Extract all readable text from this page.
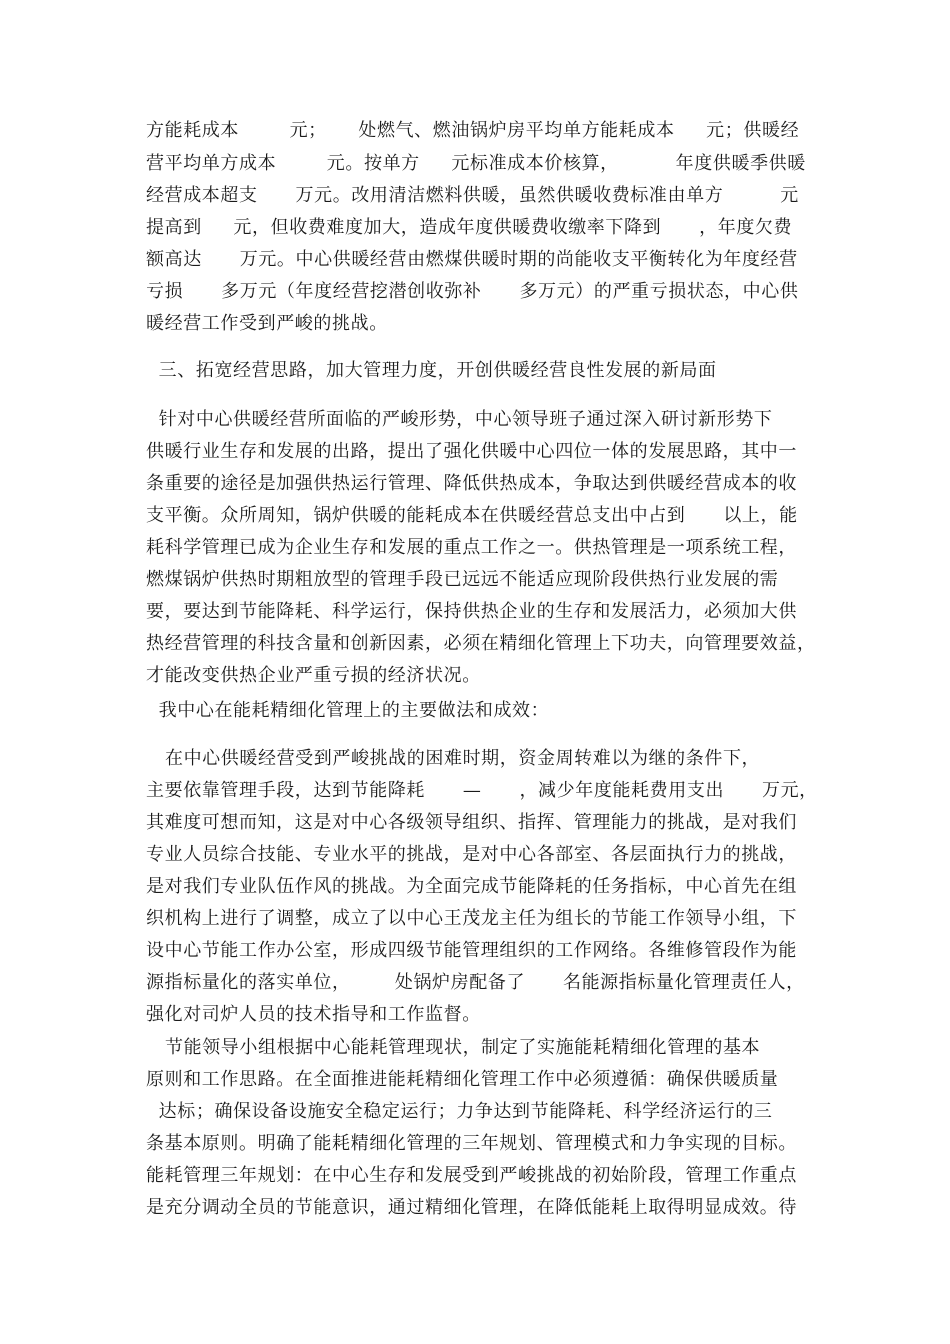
方能耗成本        元；     处燃气、燃油锅炉房平均单方能耗成本     元；供暖经
营平均单方成本        元。按单方     元标准成本价核算，         年度供暖季供暖
经营成本超支      万元。改用清洁燃料供暖，虽然供暖收费标准由单方         元
提高到     元，但收费难度加大，造成年度供暖费收缴率下降到      ，年度欠费
额高达      万元。中心供暖经营由燃煤供暖时期的尚能收支平衡转化为年度经营
亏损      多万元（年度经营挖潜创收弥补      多万元）的严重亏损状态，中心供
暖经营工作受到严峻的挑战。
三、拓宽经营思路，加大管理力度，开创供暖经营良性发展的新局面
针对中心供暖经营所面临的严峻形势，中心领导班子通过深入研讨新形势下
供暖行业生存和发展的出路，提出了强化供暖中心四位一体的发展思路，其中一
条重要的途径是加强供热运行管理、降低供热成本，争取达到供暖经营成本的收
支平衡。众所周知，锅炉供暖的能耗成本在供暖经营总支出中占到      以上，能
耗科学管理已成为企业生存和发展的重点工作之一。供热管理是一项系统工程，
燃煤锅炉供热时期粗放型的管理手段已远远不能适应现阶段供热行业发展的需
要，要达到节能降耗、科学运行，保持供热企业的生存和发展活力，必须加大供
热经营管理的科技含量和创新因素，必须在精细化管理上下功夫，向管理要效益，
才能改变供热企业严重亏损的经济状况。
我中心在能耗精细化管理上的主要做法和成效：
在中心供暖经营受到严峻挑战的困难时期，资金周转难以为继的条件下，
主要依靠管理手段，达到节能降耗      —      ，减少年度能耗费用支出      万元，
其难度可想而知，这是对中心各级领导组织、指挥、管理能力的挑战，是对我们
专业人员综合技能、专业水平的挑战，是对中心各部室、各层面执行力的挑战，
是对我们专业队伍作风的挑战。为全面完成节能降耗的任务指标，中心首先在组
织机构上进行了调整，成立了以中心王茂龙主任为组长的节能工作领导小组，下
设中心节能工作办公室，形成四级节能管理组织的工作网络。各维修管段作为能
源指标量化的落实单位，       处锅炉房配备了      名能源指标量化管理责任人，
强化对司炉人员的技术指导和工作监督。
节能领导小组根据中心能耗管理现状，制定了实施能耗精细化管理的基本
原则和工作思路。在全面推进能耗精细化管理工作中必须遵循：确保供暖质量
达标；确保设备设施安全稳定运行；力争达到节能降耗、科学经济运行的三
条基本原则。明确了能耗精细化管理的三年规划、管理模式和力争实现的目标。
能耗管理三年规划：在中心生存和发展受到严峻挑战的初始阶段，管理工作重点
是充分调动全员的节能意识，通过精细化管理，在降低能耗上取得明显成效。待
